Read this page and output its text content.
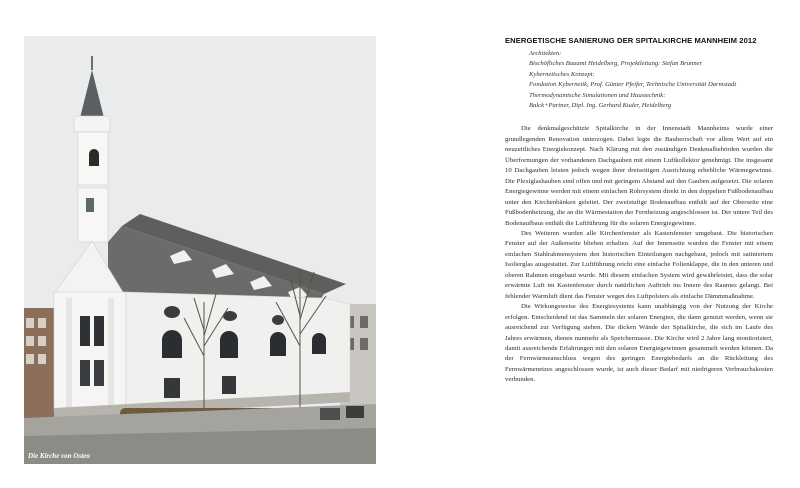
Die Kirche von Osten
ENERGETISCHE SANIERUNG DER SPITALKIRCHE MANNHEIM 2012
Architekten:
Bischöfliches Bauamt Heidelberg, Projektleitung: Stefan Brunner
Kybernetisches Konzept:
Fondation Kybernetik, Prof. Günter Pfeifer, Technische Universität Darmstadt
Thermodynamische Simulationen und Haustechnik:
Balck+Partner, Dipl. Ing. Gerhard Kuder, Heidelberg

Die denkmalgeschützte Spitalkirche in der Innenstadt Mannheims wurde einer grundlegenden Renovation unterzogen. Dabei legte die Bauherrschaft vor allem Wert auf ein neuzeitliches Energiekonzept. Nach Klärung mit den zuständigen Denkmalbehörden wurden die Überformungen der vorhandenen Dachgauben mit einem Luftkollektor genehmigt. Die insgesamt 10 Dachgauben leisten jedoch wegen ihrer dreiseitigen Ausrichtung erhebliche Wärmegewinne. Die Plexiglashauben sind offen und mit geringem Abstand auf den Gauben aufgesetzt. Die solaren Energiegewinne werden mit einem einfachen Rohrsystem direkt in den doppelten Fußbodenaufbau unter den Kirchenbänken geleitet. Der zweistufige Bodenaufbau enthält auf der Oberseite eine Fußbodenheizung, die an die Wärmestation der Fernheizung angeschlossen ist. Der untere Teil des Bodenaufbaus enthält die Luftführung für die solaren Energiegewinne.

Des Weiteren wurden alle Kirchenfenster als Kastenfenster umgebaut. Die historischen Fenster auf der Außenseite blieben erhalten. Auf der Innenseite wurden die Fenster mit einem einfachen Stahlrahmensystem den historischen Einteilungen nachgebaut, jedoch mit satiniertem Isolierglas ausgestattet. Zur Luftführung reicht eine einfache Folienklappe, die in den unteren und oberen Rahmen eingebaut wurde. Mit diesem einfachen System wird gewährleistet, dass die solar erwärmte Luft im Kastenfenster durch natürlichen Auftrieb ins Innere des Raumes gelangt. Bei fehlender Warmluft dient das Fenster wegen des Luftpolsters als einfache Dämmmaßnahme.

Die Wirkungsweise des Energiesystems kann unabhängig von der Nutzung der Kirche erfolgen. Entscheidend ist das Sammeln der solaren Energien, die dann genutzt werden, wenn sie ausreichend zur Verfügung stehen. Die dicken Wände der Spitalkirche, die sich im Laufe des Jahres erwärmen, dienen nunmehr als Speichermasse. Die Kirche wird 2 Jahre lang monitorisiert, damit ausreichende Erfahrungen mit den solaren Energiegewinnen gesammelt werden können. Da der Fernwärmeanschluss wegen des geringen Energiebedarfs an die Rückleitung des Fernwärmenetzes angeschlossen wurde, ist auch dieser Bedarf mit niedrigeren Verbrauchskosten verbunden.
